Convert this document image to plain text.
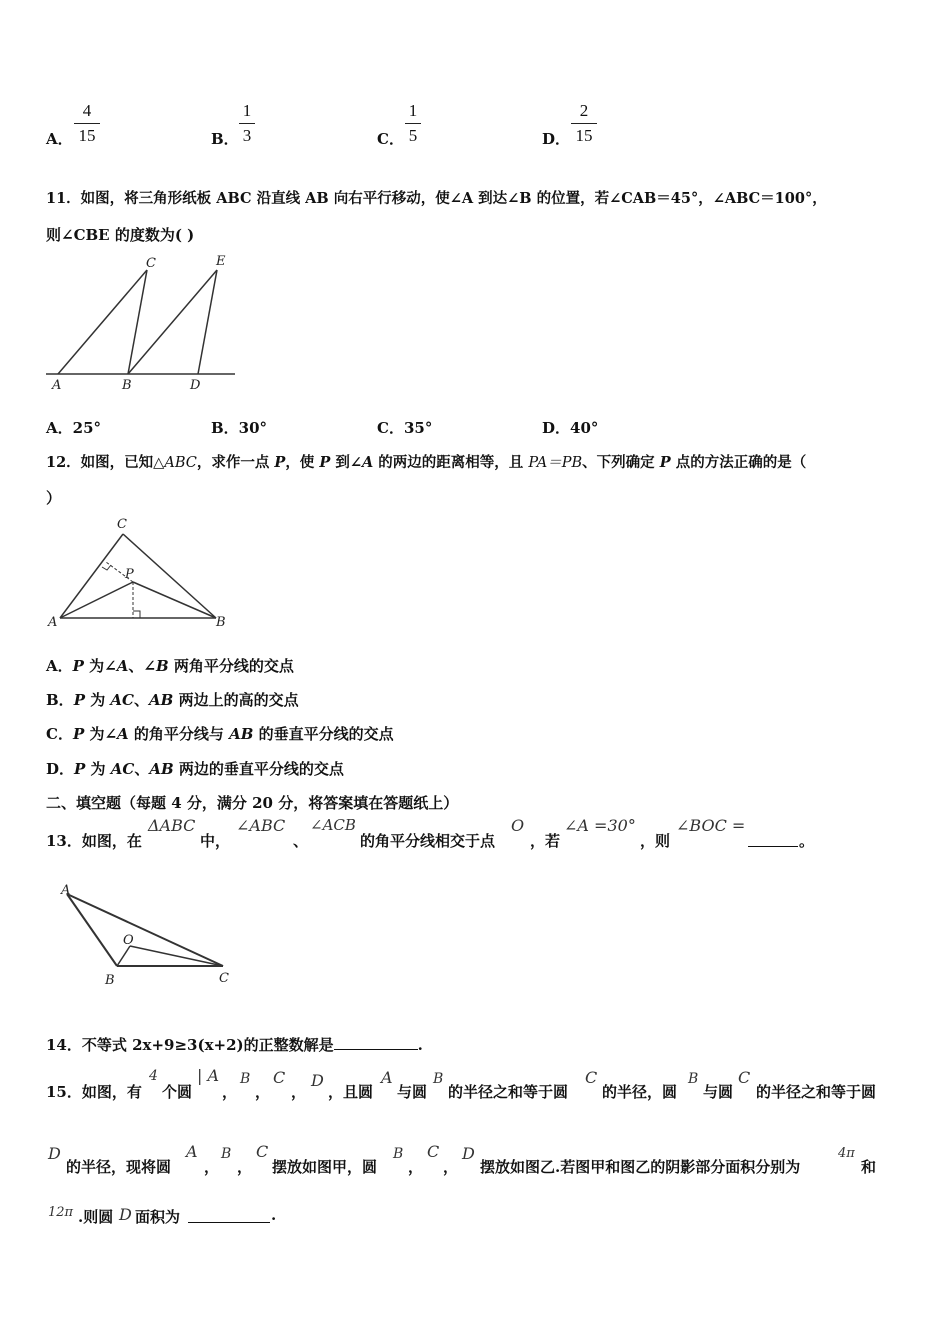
A．
4
15	B．
1
3	C．
1
5	D．
2
15
11．如图，将三角形纸板 ABC 沿直线 AB 向右平行移动，使∠A 到达∠B 的位置，若∠CAB＝45°，∠ABC＝100°，
则∠CBE 的度数为( )
A	B	D
C	E
A．25°	B．30°	C．35°	D．40°
12．如图，已知△ABC，求作一点 P，使 P 到∠A 的两边的距离相等，且 PA＝PB、下列确定 P 点的方法正确的是（
）
A	B
C
P
A．P 为∠A、∠B 两角平分线的交点
B．P 为 AC、AB 两边上的高的交点
C．P 为∠A 的角平分线与 AB 的垂直平分线的交点
D．P 为 AC、AB 两边的垂直平分线的交点
二、填空题（每题 4 分，满分 20 分，将答案填在答题纸上）
13．如图，在
ΔABC
中，
∠ABC
、
∠ACB
的角平分线相交于点
O
，若
∠A =30°
，则
∠BOC =
。
A
B	C
O
14．不等式 2x+9≥3(x+2)的正整数解是	.
15．如图，有
4
个圆
| A
，
B
，
C
，
D
，且圆
A
与圆
B
的半径之和等于圆
C
的半径，圆
B
与圆
C
的半径之和等于圆
D
的半径，现将圆
A
，
B
，
C
摆放如图甲，圆
B
，
C
，
D
摆放如图乙.若图甲和图乙的阴影部分面积分别为
4π
和
12π .则圆 D 面积为	.
